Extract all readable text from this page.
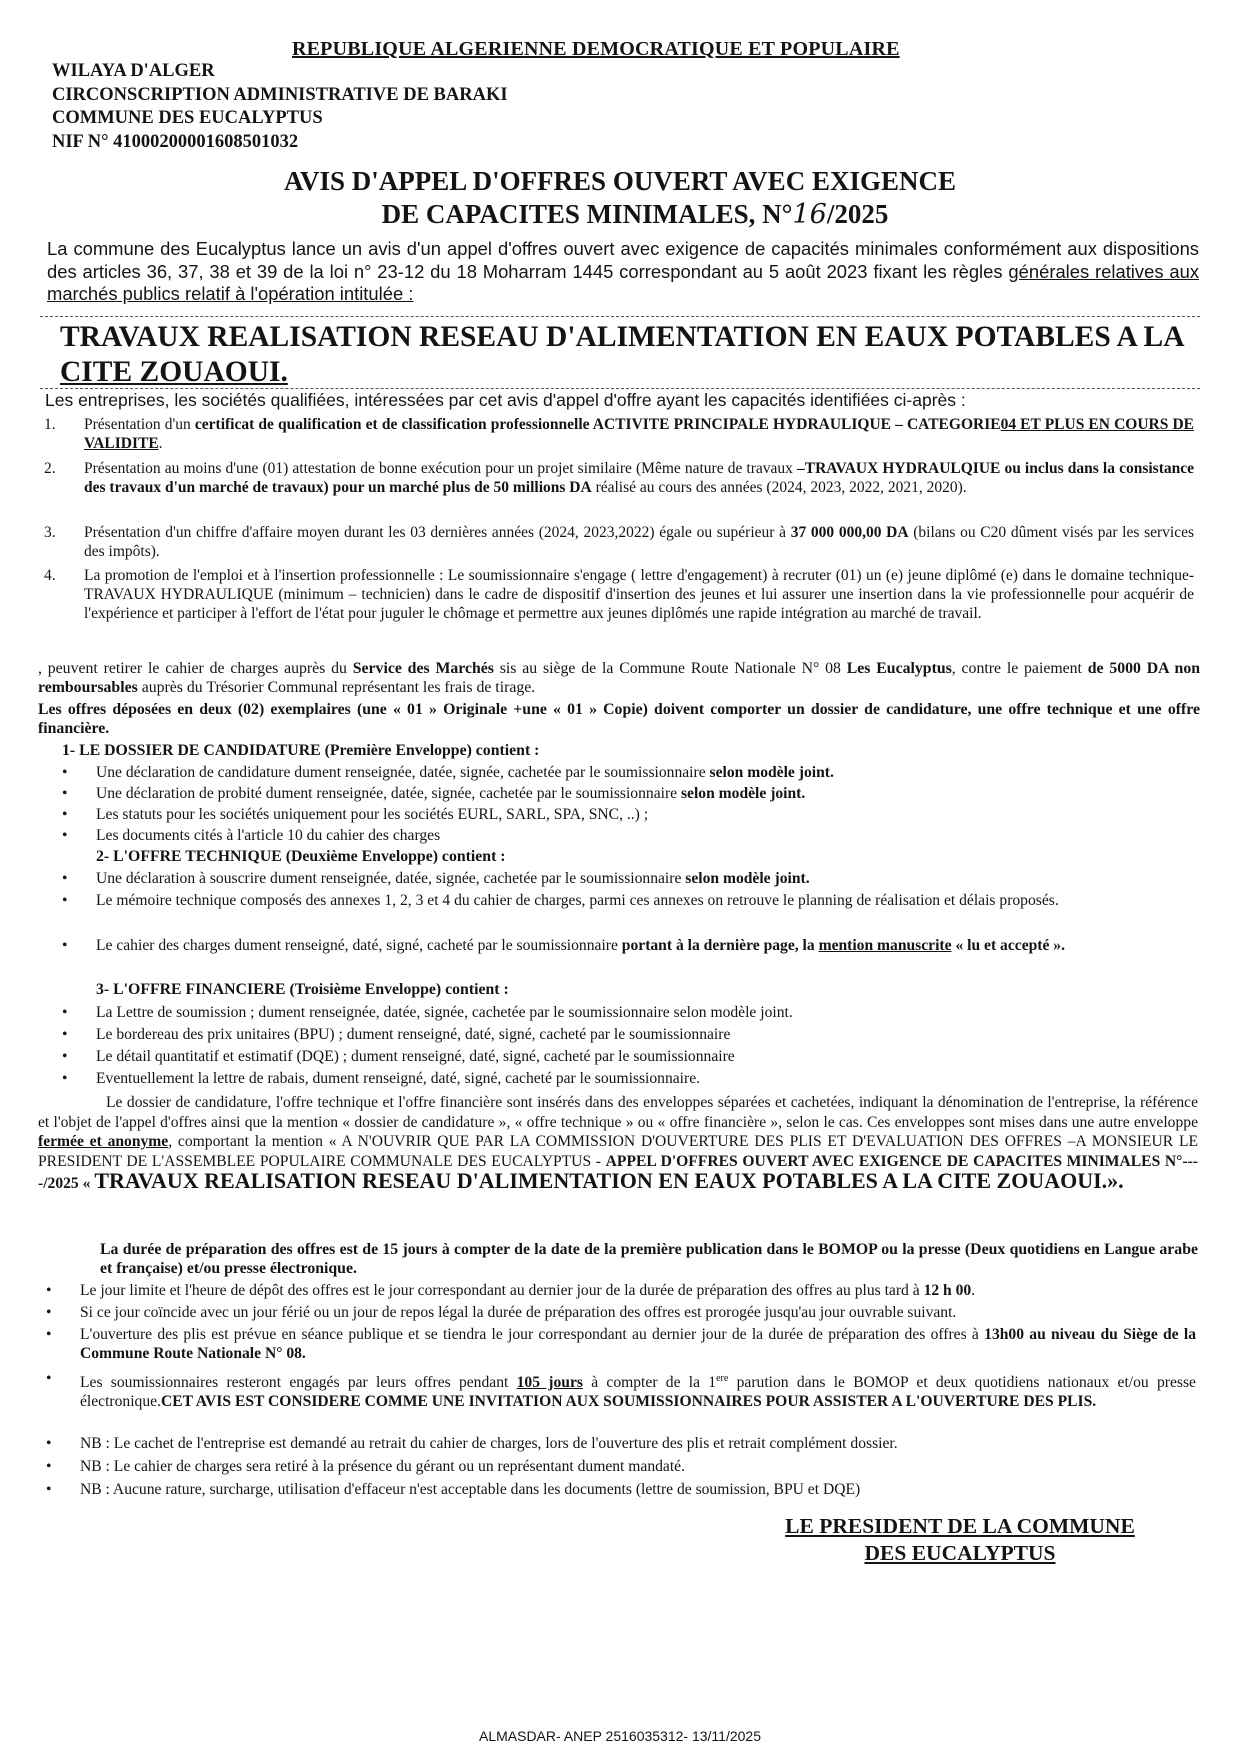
REPUBLIQUE ALGERIENNE DEMOCRATIQUE ET POPULAIRE
WILAYA D'ALGER
CIRCONSCRIPTION ADMINISTRATIVE DE BARAKI
COMMUNE DES EUCALYPTUS
NIF N° 4100020000160850103​2
AVIS D'APPEL D'OFFRES OUVERT AVEC EXIGENCE
DE CAPACITES MINIMALES, N°16/2025
La commune des Eucalyptus lance un avis d'un appel d'offres ouvert avec exigence de capacités minimales conformément aux dispositions des articles 36, 37, 38 et 39 de la loi n° 23-12 du 18 Moharram 1445 correspondant au 5 août 2023 fixant les règles générales relatives aux marchés publics relatif à l'opération intitulée :
TRAVAUX REALISATION RESEAU D'ALIMENTATION EN EAUX POTABLES A LA
CITE ZOUAOUI.
Les entreprises, les sociétés qualifiées, intéressées par cet avis d'appel d'offre ayant les capacités identifiées ci-après :
1. Présentation d'un certificat de qualification et de classification professionnelle ACTIVITE PRINCIPALE HYDRAULIQUE – CATEGORIE04 ET PLUS EN COURS DE VALIDITE.
2. Présentation au moins d'une (01) attestation de bonne exécution pour un projet similaire (Même nature de travaux –TRAVAUX HYDRAULQIUE ou inclus dans la consistance des travaux d'un marché de travaux) pour un marché plus de 50 millions DA réalisé au cours des années (2024, 2023, 2022, 2021, 2020).
3. Présentation d'un chiffre d'affaire moyen durant les 03 dernières années (2024, 2023,2022) égale ou supérieur à 37 000 000,00 DA (bilans ou C20 dûment visés par les services des impôts).
4. La promotion de l'emploi et à l'insertion professionnelle : Le soumissionnaire s'engage ( lettre d'engagement) à recruter (01) un (e) jeune diplômé (e) dans le domaine technique- TRAVAUX HYDRAULIQUE (minimum – technicien) dans le cadre de dispositif d'insertion des jeunes et lui assurer une insertion dans la vie professionnelle pour acquérir de l'expérience et participer à l'effort de l'état pour juguler le chômage et permettre aux jeunes diplômés une rapide intégration au marché de travail.
, peuvent retirer le cahier de charges auprès du Service des Marchés sis au siège de la Commune Route Nationale N° 08 Les Eucalyptus, contre le paiement de 5000 DA non remboursables auprès du Trésorier Communal représentant les frais de tirage.
Les offres déposées en deux (02) exemplaires (une « 01 » Originale +une « 01 » Copie) doivent comporter un dossier de candidature, une offre technique et une offre financière.
1- LE DOSSIER DE CANDIDATURE (Première Enveloppe) contient :
• Une déclaration de candidature dument renseignée, datée, signée, cachetée par le soumissionnaire selon modèle joint.
• Une déclaration de probité dument renseignée, datée, signée, cachetée par le soumissionnaire selon modèle joint.
• Les statuts pour les sociétés uniquement pour les sociétés EURL, SARL, SPA, SNC, ..) ;
• Les documents cités à l'article 10 du cahier des charges
2- L'OFFRE TECHNIQUE (Deuxième Enveloppe) contient :
• Une déclaration à souscrire dument renseignée, datée, signée, cachetée par le soumissionnaire selon modèle joint.
• Le mémoire technique composés des annexes 1, 2, 3 et 4 du cahier de charges, parmi ces annexes on retrouve le planning de réalisation et délais proposés.
• Le cahier des charges dument renseigné, daté, signé, cacheté par le soumissionnaire portant à la dernière page, la mention manuscrite « lu et accepté ».
3- L'OFFRE FINANCIERE (Troisième Enveloppe) contient :
• La Lettre de soumission ; dument renseignée, datée, signée, cachetée par le soumissionnaire selon modèle joint.
• Le bordereau des prix unitaires (BPU) ; dument renseigné, daté, signé, cacheté par le soumissionnaire
• Le détail quantitatif et estimatif (DQE) ; dument renseigné, daté, signé, cacheté par le soumissionnaire
• Eventuellement la lettre de rabais, dument renseigné, daté, signé, cacheté par le soumissionnaire.
Le dossier de candidature, l'offre technique et l'offre financière sont insérés dans des enveloppes séparées et cachetées, indiquant la dénomination de l'entreprise, la référence et l'objet de l'appel d'offres ainsi que la mention « dossier de candidature », « offre technique » ou « offre financière », selon le cas. Ces enveloppes sont mises dans une autre enveloppe fermée et anonyme, comportant la mention « A N'OUVRIR QUE PAR LA COMMISSION D'OUVERTURE DES PLIS ET D'EVALUATION DES OFFRES –A MONSIEUR LE PRESIDENT DE L'ASSEMBLEE POPULAIRE COMMUNALE DES EUCALYPTUS - APPEL D'OFFRES OUVERT AVEC EXIGENCE DE CAPACITES MINIMALES N°----/2025 « TRAVAUX REALISATION RESEAU D'ALIMENTATION EN EAUX POTABLES A LA CITE ZOUAOUI.».
La durée de préparation des offres est de 15 jours à compter de la date de la première publication dans le BOMOP ou la presse (Deux quotidiens en Langue arabe et française) et/ou presse électronique.
• Le jour limite et l'heure de dépôt des offres est le jour correspondant au dernier jour de la durée de préparation des offres au plus tard à 12 h 00.
• Si ce jour coïncide avec un jour férié ou un jour de repos légal la durée de préparation des offres est prorogée jusqu'au jour ouvrable suivant.
• L'ouverture des plis est prévue en séance publique et se tiendra le jour correspondant au dernier jour de la durée de préparation des offres à 13h00 au niveau du Siège de la Commune Route Nationale N° 08.
• Les soumissionnaires resteront engagés par leurs offres pendant 105 jours à compter de la 1ere parution dans le BOMOP et deux quotidiens nationaux et/ou presse électronique.CET AVIS EST CONSIDERE COMME UNE INVITATION AUX SOUMISSIONNAIRES POUR ASSISTER A L'OUVERTURE DES PLIS.
• NB : Le cachet de l'entreprise est demandé au retrait du cahier de charges, lors de l'ouverture des plis et retrait complément dossier.
• NB : Le cahier de charges sera retiré à la présence du gérant ou un représentant dument mandaté.
• NB : Aucune rature, surcharge, utilisation d'effaceur n'est acceptable dans les documents (lettre de soumission, BPU et DQE)
LE PRESIDENT DE LA COMMUNE
DES EUCALYPTUS
ALMASDAR- ANEP 2516035312- 13/11/2025
